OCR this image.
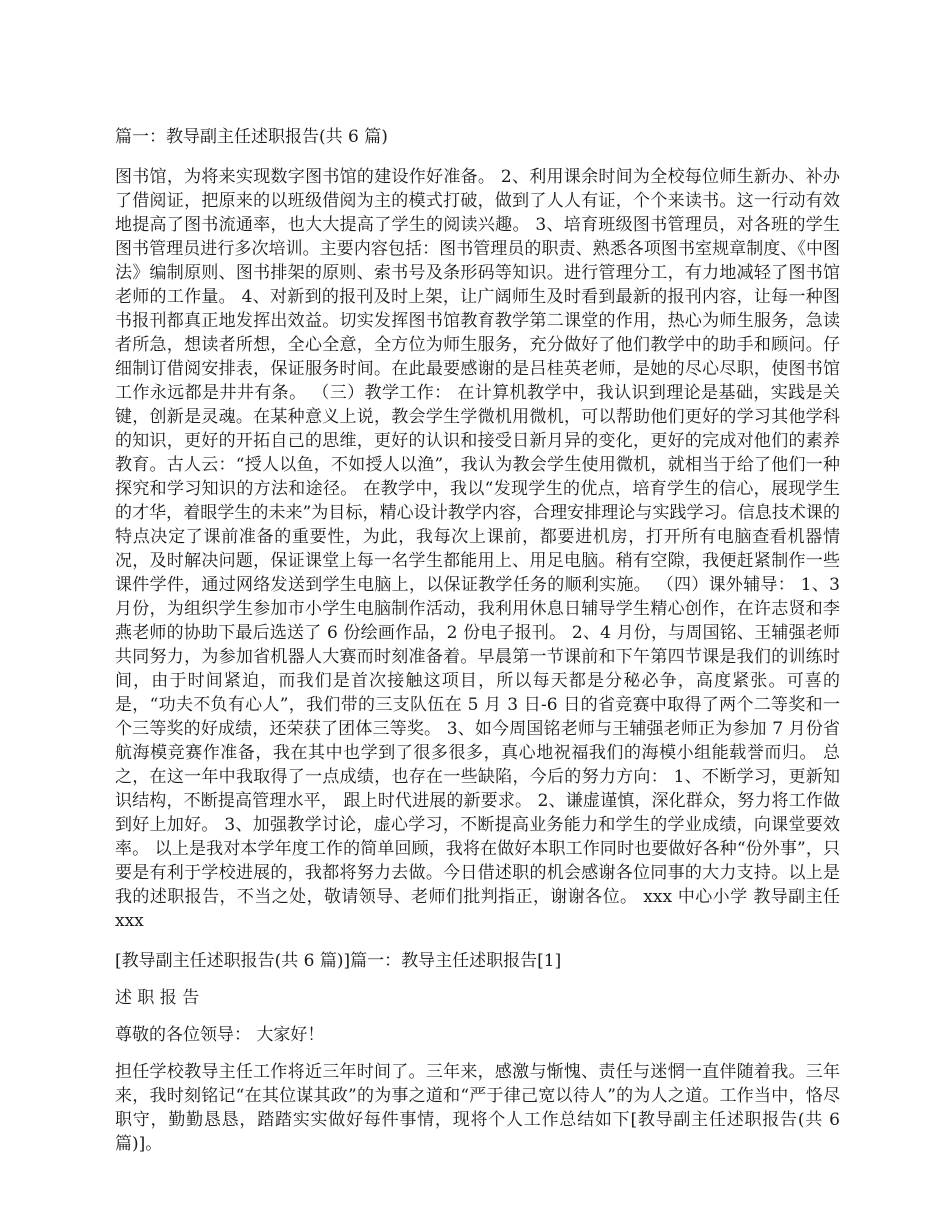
篇一：教导副主任述职报告(共 6 篇)

图书馆，为将来实现数字图书馆的建设作好准备。 2、利用课余时间为全校每位师生新办、补办了借阅证，把原来的以班级借阅为主的模式打破，做到了人人有证，个个来读书。这一行动有效地提高了图书流通率，也大大提高了学生的阅读兴趣。 3、培育班级图书管理员，对各班的学生图书管理员进行多次培训。主要内容包括：图书管理员的职责、熟悉各项图书室规章制度、《中图法》编制原则、图书排架的原则、索书号及条形码等知识。进行管理分工，有力地减轻了图书馆老师的工作量。 4、对新到的报刊及时上架，让广阔师生及时看到最新的报刊内容，让每一种图书报刊都真正地发挥出效益。切实发挥图书馆教育教学第二课堂的作用，热心为师生服务，急读者所急，想读者所想，全心全意，全方位为师生服务，充分做好了他们教学中的助手和顾问。仔细制订借阅安排表，保证服务时间。在此最要感谢的是吕桂英老师，是她的尽心尽职，使图书馆工作永远都是井井有条。 （三）教学工作： 在计算机教学中，我认识到理论是基础，实践是关键，创新是灵魂。在某种意义上说，教会学生学微机用微机，可以帮助他们更好的学习其他学科的知识，更好的开拓自己的思维，更好的认识和接受日新月异的变化，更好的完成对他们的素养教育。古人云：“授人以鱼，不如授人以渔”，我认为教会学生使用微机，就相当于给了他们一种探究和学习知识的方法和途径。 在教学中，我以“发现学生的优点，培育学生的信心，展现学生的才华，着眼学生的未来”为目标，精心设计教学内容，合理安排理论与实践学习。信息技术课的特点决定了课前准备的重要性，为此，我每次上课前，都要进机房，打开所有电脑查看机器情况，及时解决问题，保证课堂上每一名学生都能用上、用足电脑。稍有空隙，我便赶紧制作一些课件学件，通过网络发送到学生电脑上，以保证教学任务的顺利实施。 （四）课外辅导： 1、3 月份，为组织学生参加市小学生电脑制作活动，我利用休息日辅导学生精心创作，在许志贤和李燕老师的协助下最后选送了 6 份绘画作品，2 份电子报刊。 2、4 月份，与周国铭、王辅强老师共同努力，为参加省机器人大赛而时刻准备着。早晨第一节课前和下午第四节课是我们的训练时间，由于时间紧迫，而我们是首次接触这项目，所以每天都是分秘必争，高度紧张。可喜的是，“功夫不负有心人”，我们带的三支队伍在 5 月 3 日-6 日的省竞赛中取得了两个二等奖和一个三等奖的好成绩，还荣获了团体三等奖。 3、如今周国铭老师与王辅强老师正为参加 7 月份省航海模竞赛作准备，我在其中也学到了很多很多，真心地祝福我们的海模小组能载誉而归。 总之，在这一年中我取得了一点成绩，也存在一些缺陷，今后的努力方向： 1、不断学习，更新知识结构，不断提高管理水平， 跟上时代进展的新要求。 2、谦虚谨慎，深化群众，努力将工作做到好上加好。 3、加强教学讨论，虚心学习，不断提高业务能力和学生的学业成绩，向课堂要效率。 以上是我对本学年度工作的简单回顾，我将在做好本职工作同时也要做好各种“份外事”，只要是有利于学校进展的，我都将努力去做。今日借述职的机会感谢各位同事的大力支持。以上是我的述职报告，不当之处，敬请领导、老师们批判指正，谢谢各位。 xxx 中心小学 教导副主任 xxx

[教导副主任述职报告(共 6 篇)]篇一：教导主任述职报告[1]

述 职 报 告

尊敬的各位领导： 大家好！

担任学校教导主任工作将近三年时间了。三年来，感激与惭愧、责任与迷惘一直伴随着我。三年来，我时刻铭记“在其位谋其政”的为事之道和“严于律己宽以待人”的为人之道。工作当中，恪尽职守，勤勤恳恳，踏踏实实做好每件事情，现将个人工作总结如下[教导副主任述职报告(共 6 篇)]。
